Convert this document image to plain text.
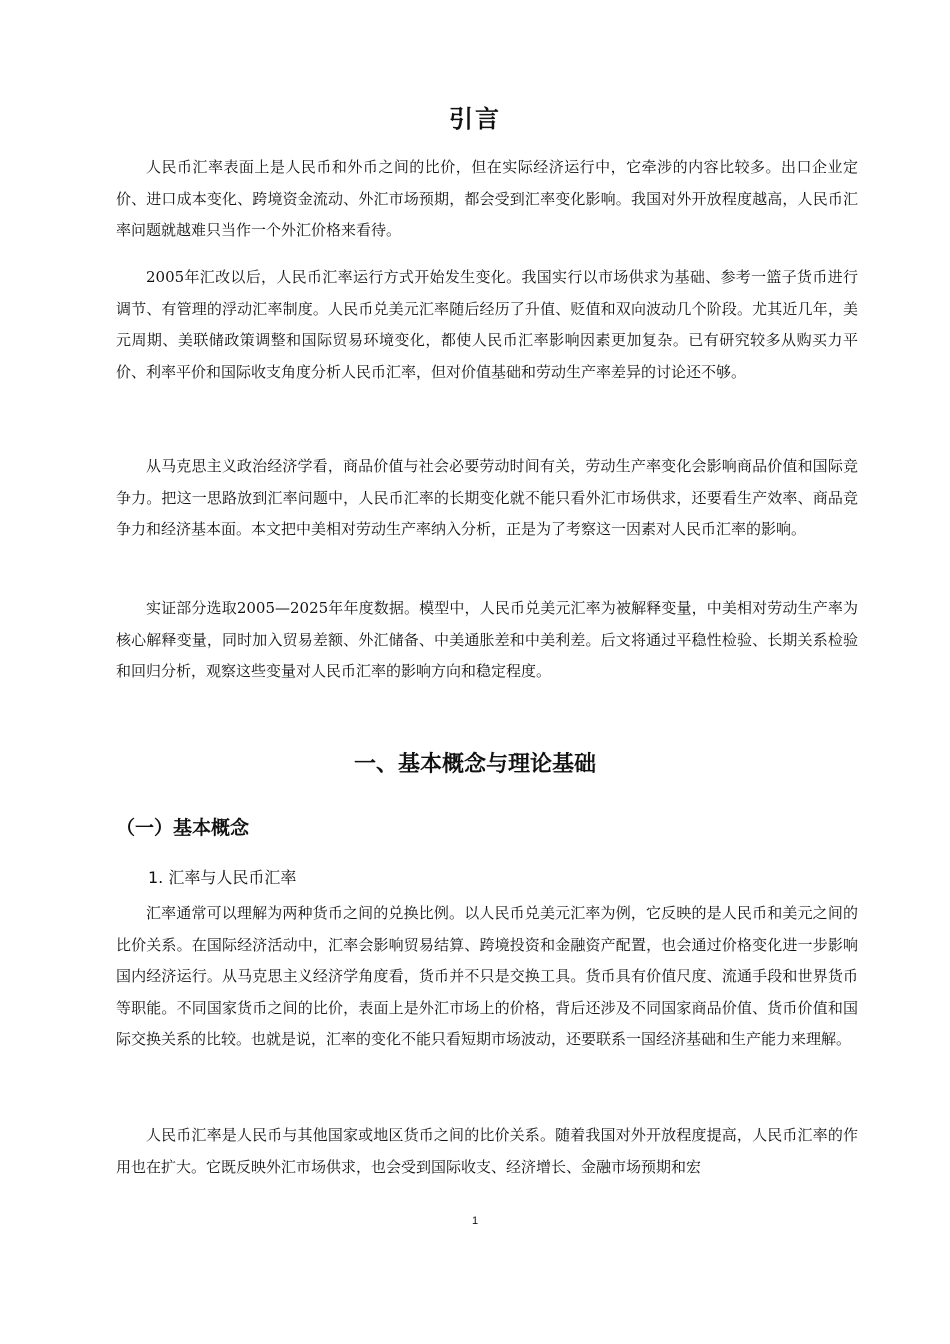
引言

人民币汇率表面上是人民币和外币之间的比价，但在实际经济运行中，它牵涉的内容比较多。出口企业定价、进口成本变化、跨境资金流动、外汇市场预期，都会受到汇率变化影响。我国对外开放程度越高，人民币汇率问题就越难只当作一个外汇价格来看待。

2005年汇改以后，人民币汇率运行方式开始发生变化。我国实行以市场供求为基础、参考一篮子货币进行调节、有管理的浮动汇率制度。人民币兑美元汇率随后经历了升值、贬值和双向波动几个阶段。尤其近几年，美元周期、美联储政策调整和国际贸易环境变化，都使人民币汇率影响因素更加复杂。已有研究较多从购买力平价、利率平价和国际收支角度分析人民币汇率，但对价值基础和劳动生产率差异的讨论还不够。

从马克思主义政治经济学看，商品价值与社会必要劳动时间有关，劳动生产率变化会影响商品价值和国际竞争力。把这一思路放到汇率问题中，人民币汇率的长期变化就不能只看外汇市场供求，还要看生产效率、商品竞争力和经济基本面。本文把中美相对劳动生产率纳入分析，正是为了考察这一因素对人民币汇率的影响。

实证部分选取2005—2025年年度数据。模型中，人民币兑美元汇率为被解释变量，中美相对劳动生产率为核心解释变量，同时加入贸易差额、外汇储备、中美通胀差和中美利差。后文将通过平稳性检验、长期关系检验和回归分析，观察这些变量对人民币汇率的影响方向和稳定程度。

一、基本概念与理论基础
（一）基本概念
1. 汇率与人民币汇率

汇率通常可以理解为两种货币之间的兑换比例。以人民币兑美元汇率为例，它反映的是人民币和美元之间的比价关系。在国际经济活动中，汇率会影响贸易结算、跨境投资和金融资产配置，也会通过价格变化进一步影响国内经济运行。从马克思主义经济学角度看，货币并不只是交换工具。货币具有价值尺度、流通手段和世界货币等职能。不同国家货币之间的比价，表面上是外汇市场上的价格，背后还涉及不同国家商品价值、货币价值和国际交换关系的比较。也就是说，汇率的变化不能只看短期市场波动，还要联系一国经济基础和生产能力来理解。

人民币汇率是人民币与其他国家或地区货币之间的比价关系。随着我国对外开放程度提高，人民币汇率的作用也在扩大。它既反映外汇市场供求，也会受到国际收支、经济增长、金融市场预期和宏

1
